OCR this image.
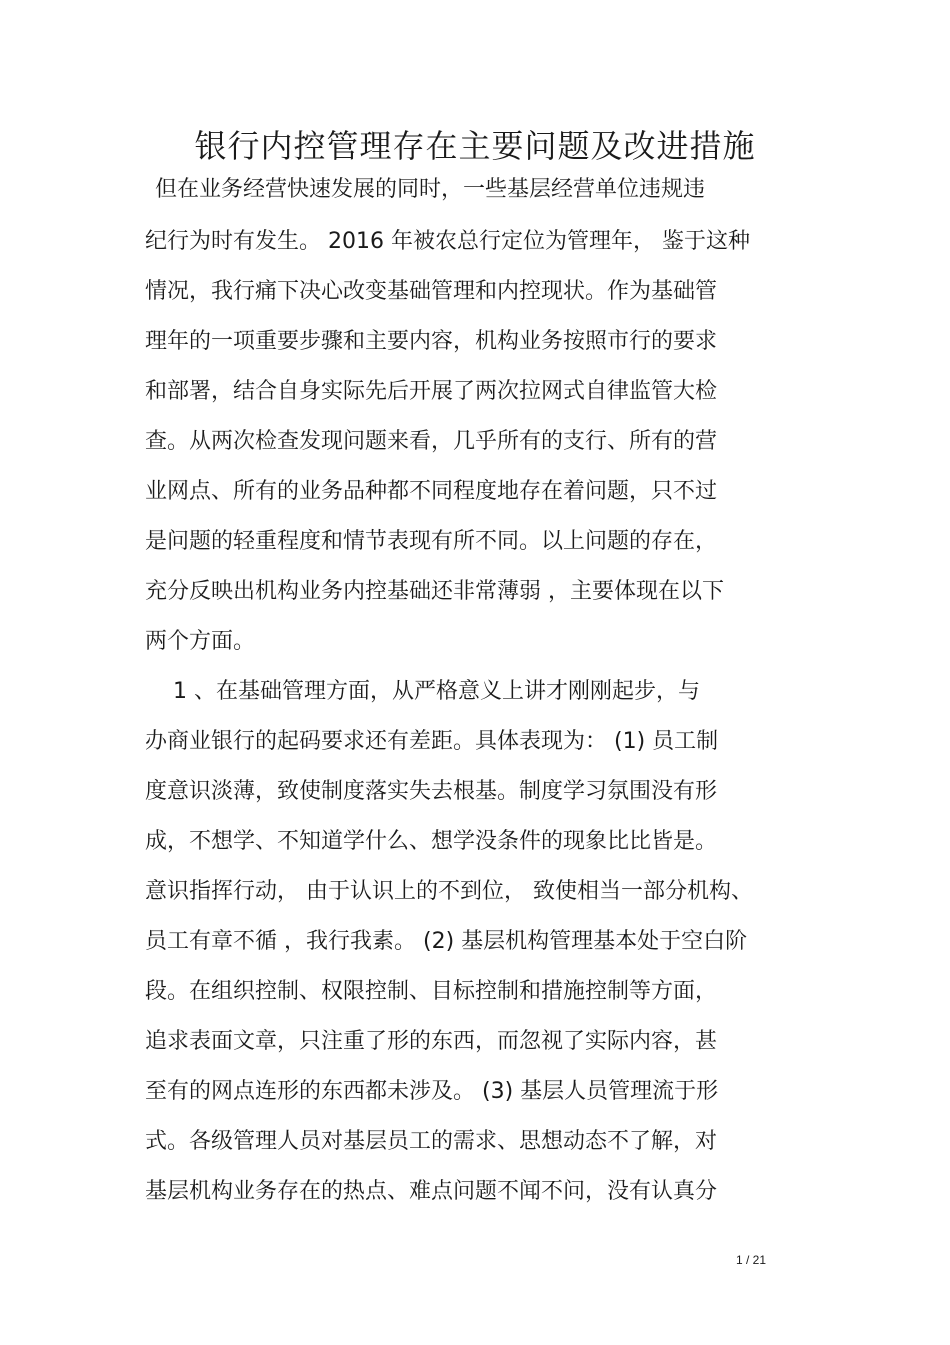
银行内控管理存在主要问题及改进措施
但在业务经营快速发展的同时，一些基层经营单位违规违
纪行为时有发生。 2016 年被农总行定位为管理年， 鉴于这种
情况，我行痛下决心改变基础管理和内控现状。作为基础管
理年的一项重要步骤和主要内容，机构业务按照市行的要求
和部署，结合自身实际先后开展了两次拉网式自律监管大检
查。从两次检查发现问题来看，几乎所有的支行、所有的营
业网点、所有的业务品种都不同程度地存在着问题，只不过
是问题的轻重程度和情节表现有所不同。以上问题的存在，
充分反映出机构业务内控基础还非常薄弱 ，主要体现在以下
两个方面。
1 、在基础管理方面，从严格意义上讲才刚刚起步，与
办商业银行的起码要求还有差距。具体表现为： (1) 员工制
度意识淡薄，致使制度落实失去根基。制度学习氛围没有形
成，不想学、不知道学什么、想学没条件的现象比比皆是。
意识指挥行动， 由于认识上的不到位， 致使相当一部分机构、
员工有章不循 ，我行我素。 (2) 基层机构管理基本处于空白阶
段。在组织控制、权限控制、目标控制和措施控制等方面，
追求表面文章，只注重了形的东西，而忽视了实际内容，甚
至有的网点连形的东西都未涉及。 (3) 基层人员管理流于形
式。各级管理人员对基层员工的需求、思想动态不了解，对
基层机构业务存在的热点、难点问题不闻不问，没有认真分
1 / 21
